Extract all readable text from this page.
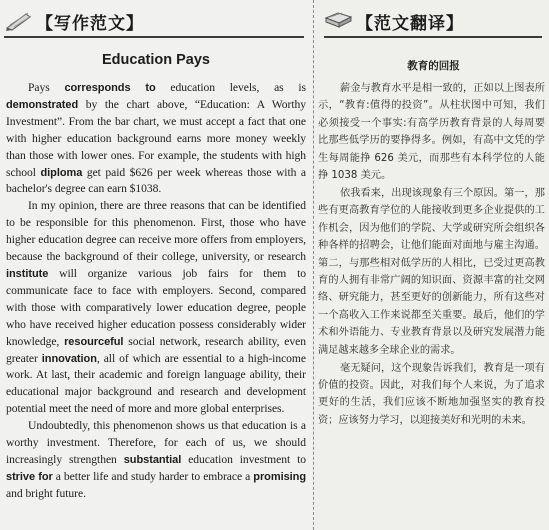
【写作范文】
Education Pays

Pays corresponds to education levels, as is demonstrated by the chart above, “Education: A Worthy Investment”. From the bar chart, we must accept a fact that one with higher education background earns more money weekly than those with lower ones. For example, the students with high school diploma get paid $626 per week whereas those with a bachelor's degree can earn $1038.

In my opinion, there are three reasons that can be identified to be responsible for this phenomenon. First, those who have higher education degree can receive more offers from employers, because the background of their college, university, or research institute will organize various job fairs for them to communicate face to face with employers. Second, compared with those with comparatively lower education degree, people who have received higher education possess considerably wider knowledge, resourceful social network, research ability, even greater innovation, all of which are essential to a high-income work. At last, their academic and foreign language ability, their educational major background and research and development potential meet the need of more and more global enterprises.

Undoubtedly, this phenomenon shows us that education is a worthy investment. Therefore, for each of us, we should increasingly strengthen substantial education investment to strive for a better life and study harder to embrace a promising and bright future.

【范文翻译】
教育的回报

薪金与教育水平是相一致的，正如以上图表所示，“教育:值得的投资”。从柱状图中可知，我们必须接受一个事实:有高学历教育背景的人每周要比那些低学历的要挣得多。例如，有高中文凭的学生每周能挣 626 美元，而那些有本科学位的人能挣 1038 美元。

依我看来，出现该现象有三个原因。第一，那些有更高教育学位的人能接收到更多企业提供的工作机会，因为他们的学院、大学或研究所会组织各种各样的招聘会，让他们能面对面地与雇主沟通。第二，与那些相对低学历的人相比，已受过更高教育的人拥有非常广阔的知识面、资源丰富的社交网络、研究能力，甚至更好的创新能力，所有这些对一个高收入工作来说都至关重要。最后，他们的学术和外语能力、专业教育背景以及研究发展潜力能满足越来越多全球企业的需求。

毫无疑问，这个现象告诉我们，教育是一项有价值的投资。因此，对我们每个人来说，为了追求更好的生活，我们应该不断地加强坚实的教育投资；应该努力学习，以迎接美好和光明的未来。
